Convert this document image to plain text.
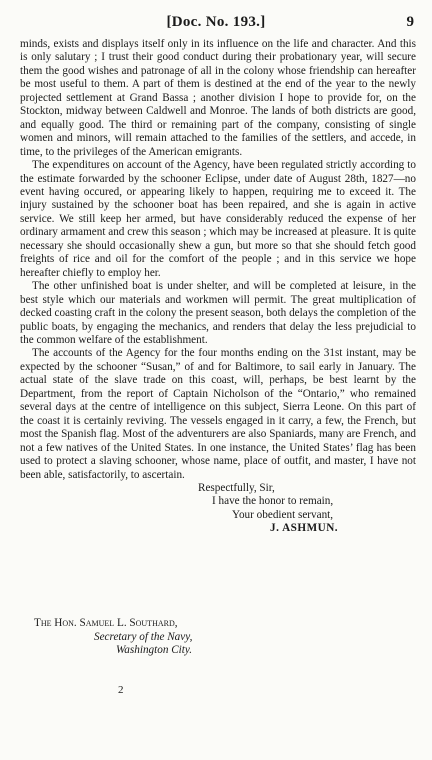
[Doc. No. 193.]	9

minds, exists and displays itself only in its influence on the life and character. And this is only salutary ; I trust their good conduct during their probationary year, will secure them the good wishes and patronage of all in the colony whose friendship can hereafter be most useful to them. A part of them is destined at the end of the year to the newly projected settlement at Grand Bassa ; another division I hope to provide for, on the Stockton, midway between Caldwell and Monroe. The lands of both districts are good, and equally good. The third or remaining part of the company, consisting of single women and minors, will remain attached to the families of the settlers, and accede, in time, to the privileges of the American emigrants.

The expenditures on account of the Agency, have been regulated strictly according to the estimate forwarded by the schooner Eclipse, under date of August 28th, 1827—no event having occured, or appearing likely to happen, requiring me to exceed it. The injury sustained by the schooner boat has been repaired, and she is again in active service. We still keep her armed, but have considerably reduced the expense of her ordinary armament and crew this season ; which may be increased at pleasure. It is quite necessary she should occasionally shew a gun, but more so that she should fetch good freights of rice and oil for the comfort of the people ; and in this service we hope hereafter chiefly to employ her.

The other unfinished boat is under shelter, and will be completed at leisure, in the best style which our materials and workmen will permit. The great multiplication of decked coasting craft in the colony the present season, both delays the completion of the public boats, by engaging the mechanics, and renders that delay the less prejudicial to the common welfare of the establishment.

The accounts of the Agency for the four months ending on the 31st instant, may be expected by the schooner “Susan,” of and for Baltimore, to sail early in January. The actual state of the slave trade on this coast, will, perhaps, be best learnt by the Department, from the report of Captain Nicholson of the “Ontario,” who remained several days at the centre of intelligence on this subject, Sierra Leone. On this part of the coast it is certainly reviving. The vessels engaged in it carry, a few, the French, but most the Spanish flag. Most of the adventurers are also Spaniards, many are French, and not a few natives of the United States. In one instance, the United States’ flag has been used to protect a slaving schooner, whose name, place of outfit, and master, I have not been able, satisfactorily, to ascertain.

Respectfully, Sir,
I have the honor to remain,
Your obedient servant,
J. ASHMUN.
The Hon. Samuel L. Southard,
Secretary of the Navy,
Washington City.
2
